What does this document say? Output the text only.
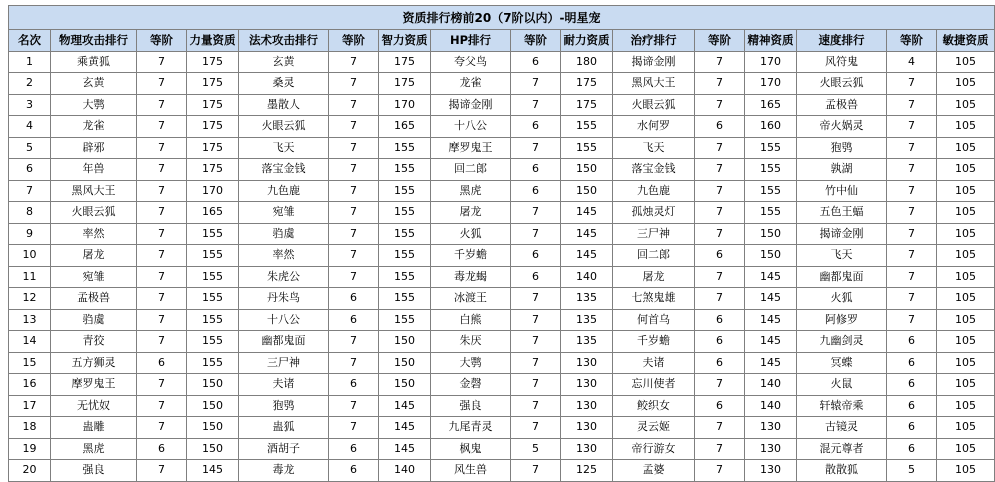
资质排行榜前20（7阶以内）-明星宠															
名次	物理攻击排行	等阶	力量资质	法术攻击排行	等阶	智力资质	HP排行	等阶	耐力资质	治疗排行	等阶	精神资质	速度排行	等阶	敏捷资质
1	乘黄狐	7	175	玄黄	7	175	夸父鸟	6	180	揭谛金刚	7	170	风符鬼	4	105
2	玄黄	7	175	桑灵	7	175	龙雀	7	175	黑风大王	7	170	火眼云狐	7	105
3	大鹗	7	175	墨散人	7	170	揭谛金刚	7	175	火眼云狐	7	165	孟极兽	7	105
4	龙雀	7	175	火眼云狐	7	165	十八公	6	155	水何罗	6	160	帝火娲灵	7	105
5	辟邪	7	175	飞天	7	155	摩罗鬼王	7	155	飞天	7	155	狍鸮	7	105
6	年兽	7	175	落宝金钱	7	155	回二郎	6	150	落宝金钱	7	155	孰湖	7	105
7	黑风大王	7	170	九色鹿	7	155	黑虎	6	150	九色鹿	7	155	竹中仙	7	105
8	火眼云狐	7	165	宛雏	7	155	屠龙	7	145	孤烛灵灯	7	155	五色王蝠	7	105
9	率然	7	155	驺虞	7	155	火狐	7	145	三尸神	7	150	揭谛金刚	7	105
10	屠龙	7	155	率然	7	155	千岁蟾	6	145	回二郎	6	150	飞天	7	105
11	宛雏	7	155	朱虎公	7	155	毒龙蝎	6	140	屠龙	7	145	幽都鬼面	7	105
12	孟极兽	7	155	丹朱鸟	6	155	冰渡王	7	135	七煞鬼雄	7	145	火狐	7	105
13	驺虞	7	155	十八公	6	155	白熊	7	135	何首乌	6	145	阿修罗	7	105
14	青狡	7	155	幽都鬼面	7	150	朱厌	7	135	千岁蟾	6	145	九幽剑灵	6	105
15	五方狮灵	6	155	三尸神	7	150	大鹗	7	130	夫诸	6	145	冥蝶	6	105
16	摩罗鬼王	7	150	夫诸	6	150	金磬	7	130	忘川使者	7	140	火鼠	6	105
17	无忧奴	7	150	狍鸮	7	145	强良	7	130	鲛织女	6	140	轩辕帝乘	6	105
18	蛊雕	7	150	蛊狐	7	145	九尾青灵	7	130	灵云姬	7	130	古镜灵	6	105
19	黑虎	6	150	酒胡子	6	145	枫鬼	5	130	帝行游女	7	130	混元尊者	6	105
20	强良	7	145	毒龙	6	140	风生兽	7	125	孟婆	7	130	散散狐	5	105
